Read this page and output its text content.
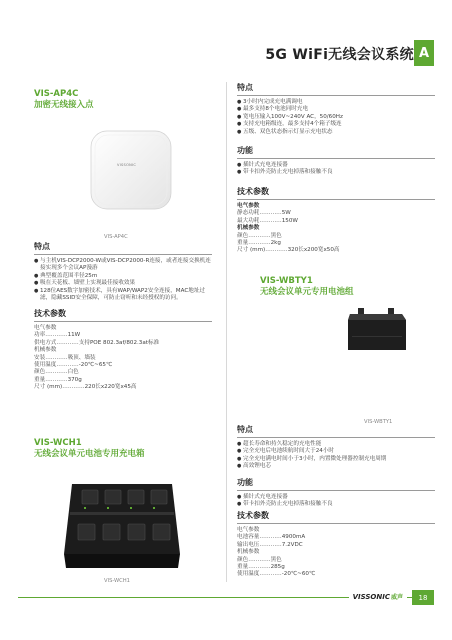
5G WiFi无线会议系统 A
VIS-AP4C
加密无线接入点
VISSONIC
VIS-AP4C
特点
● 与主机VIS-DCP2000-W或VIS-DCP2000-R连接，或者连接交换机连接实现多个会议AP漫游
● 典型覆盖范围半径25m
● 吸在天花板、墙壁上实现最佳接收效果
● 128位AES数字加密技术，具有WAP/WAP2安全连接，MAC地址过滤，隐藏SSID安全保障，可防止窃听和未经授权的访问。
技术参数
电气参数
功率…………11W
供电方式…………支持POE 802.3af/802.3at标准
机械参数
安装…………吸顶、墙装
使用温度…………-20℃~65℃
颜色…………白色
重量…………370g
尺寸 (mm)…………220长x220宽x45高
VIS-WCH1
无线会议单元电池专用充电箱
VIS-WCH1
特点
● 3小时内完成充电满调电
● 最多支持8个电池同时充电
● 宽电压输入100V~240V AC，50/60Hz
● 支持充电箱级连，最多支持4个箱子级连
● 五级、双色状态指示灯显示充电状态
功能
● 插针式充电连接器
● 带卡扣外壳防止充电掉落和接触不良
技术参数
电气参数
静态功耗…………5W
最大功耗…………150W
机械参数
颜色…………黑色
重量…………2kg
尺寸 (mm)…………320长x200宽x50高
VIS-WBTY1
无线会议单元专用电池组
VIS-WBTY1
特点
● 超长寿命和持久稳定的充电性能
● 完全充电后电池续航时间大于24小时
● 完全充电满电时间小于3小时，内置微处理器控制充电周期
● 高效锂电芯
功能
● 插针式充电连接器
● 带卡扣外壳防止充电掉落和接触不良
技术参数
电气参数
电池容量…………4900mA
输出电压…………7.2VDC
机械参数
颜色…………黑色
重量…………285g
使用温度…………-20℃~60℃
VISSONIC威声	18
